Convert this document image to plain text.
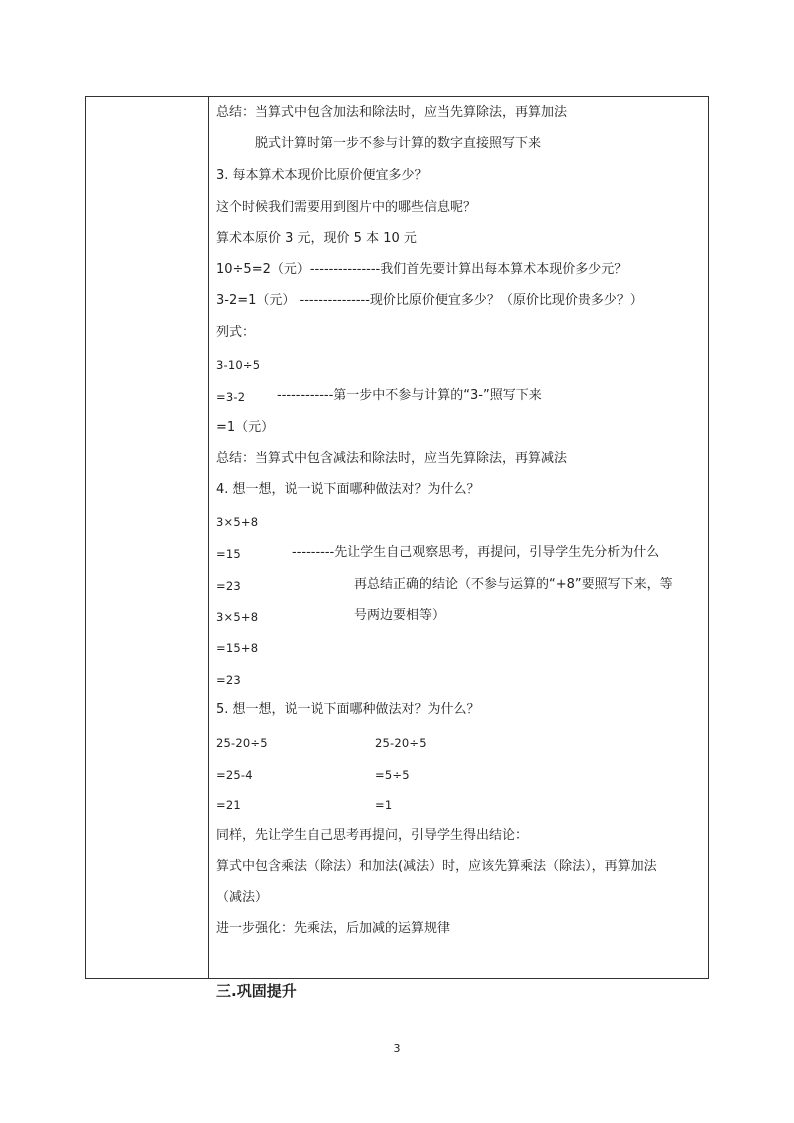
总结：当算式中包含加法和除法时，应当先算除法，再算加法
脱式计算时第一步不参与计算的数字直接照写下来
3. 每本算术本现价比原价便宜多少？
这个时候我们需要用到图片中的哪些信息呢？
算术本原价 3 元，现价 5 本 10 元
10÷5=2（元）---------------我们首先要计算出每本算术本现价多少元？
3-2=1（元） ---------------现价比原价便宜多少？（原价比现价贵多少？）
列式：
3-10÷5
=3-2 ------------第一步中不参与计算的“3-”照写下来
=1（元）
总结：当算式中包含减法和除法时，应当先算除法，再算减法
4. 想一想，说一说下面哪种做法对？为什么？
3×5+8
=15	---------先让学生自己观察思考，再提问，引导学生先分析为什么
=23	再总结正确的结论（不参与运算的“+8”要照写下来，等
3×5+8	号两边要相等）
=15+8
=23
5. 想一想，说一说下面哪种做法对？为什么？
25-20÷5	25-20÷5
=25-4	=5÷5
=21	=1
同样，先让学生自己思考再提问，引导学生得出结论：
算式中包含乘法（除法）和加法(减法）时，应该先算乘法（除法），再算加法
（减法）
进一步强化：先乘法，后加减的运算规律
三.巩固提升
3
